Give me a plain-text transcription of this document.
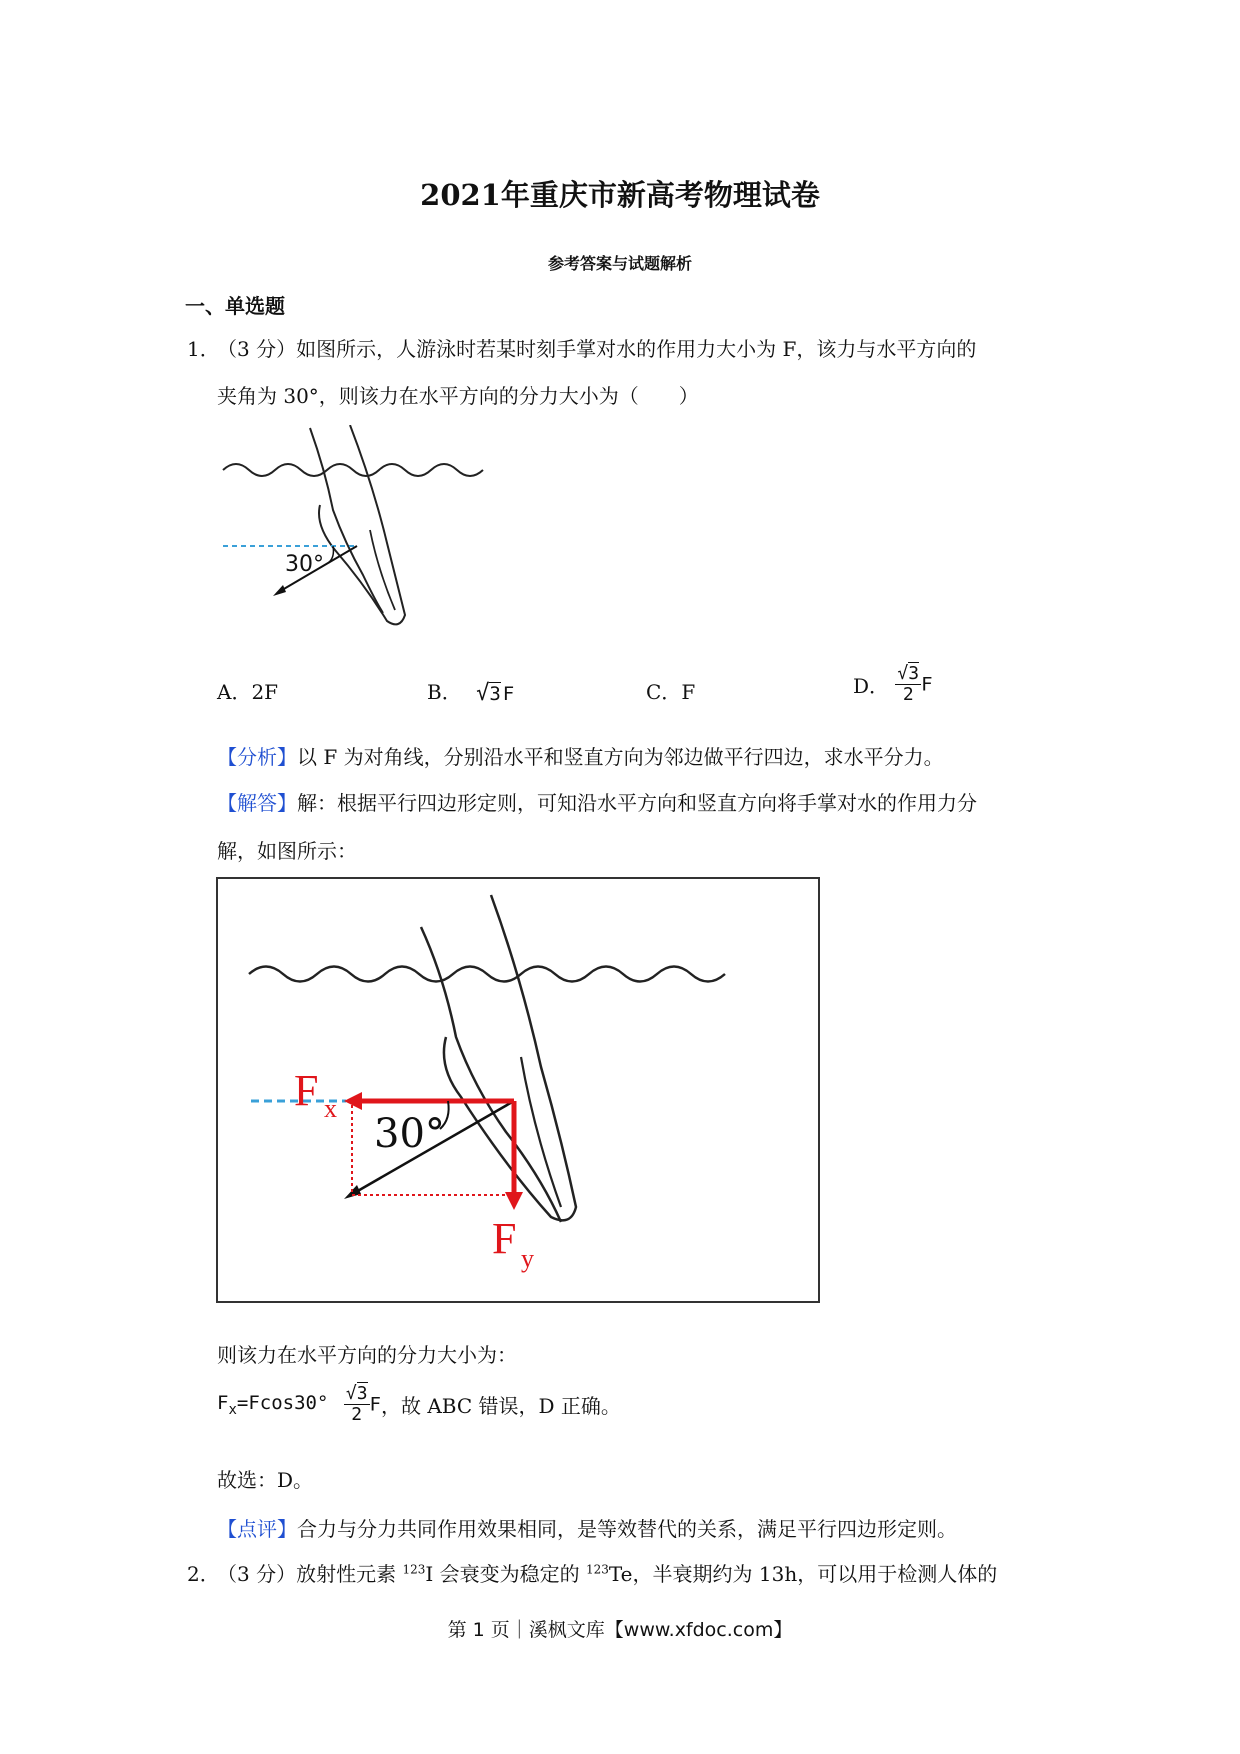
2021年重庆市新高考物理试卷
参考答案与试题解析
一、单选题
1．
（3 分）如图所示，人游泳时若某时刻手掌对水的作用力大小为 F，该力与水平方向的
夹角为 30°，则该力在水平方向的分力大小为（　　）
30°
A．2F	B． √3 F	C．F	D． $\frac{√3}{2}$ F
【分析】以 F 为对角线，分别沿水平和竖直方向为邻边做平行四边，求水平分力。
【解答】解：根据平行四边形定则，可知沿水平方向和竖直方向将手掌对水的作用力分
解，如图所示：
30°
F x
F y
则该力在水平方向的分力大小为：
$F_x=Fcos30^\circ \frac{√3}{2}$ F，故 ABC 错误，D 正确。
故选：D。
【点评】合力与分力共同作用效果相同，是等效替代的关系，满足平行四边形定则。
2．
（3 分）放射性元素 $^{123}$I 会衰变为稳定的 $^{123}$Te，半衰期约为 13h，可以用于检测人体的
第 1 页｜溪枫文库【www.xfdoc.com】
